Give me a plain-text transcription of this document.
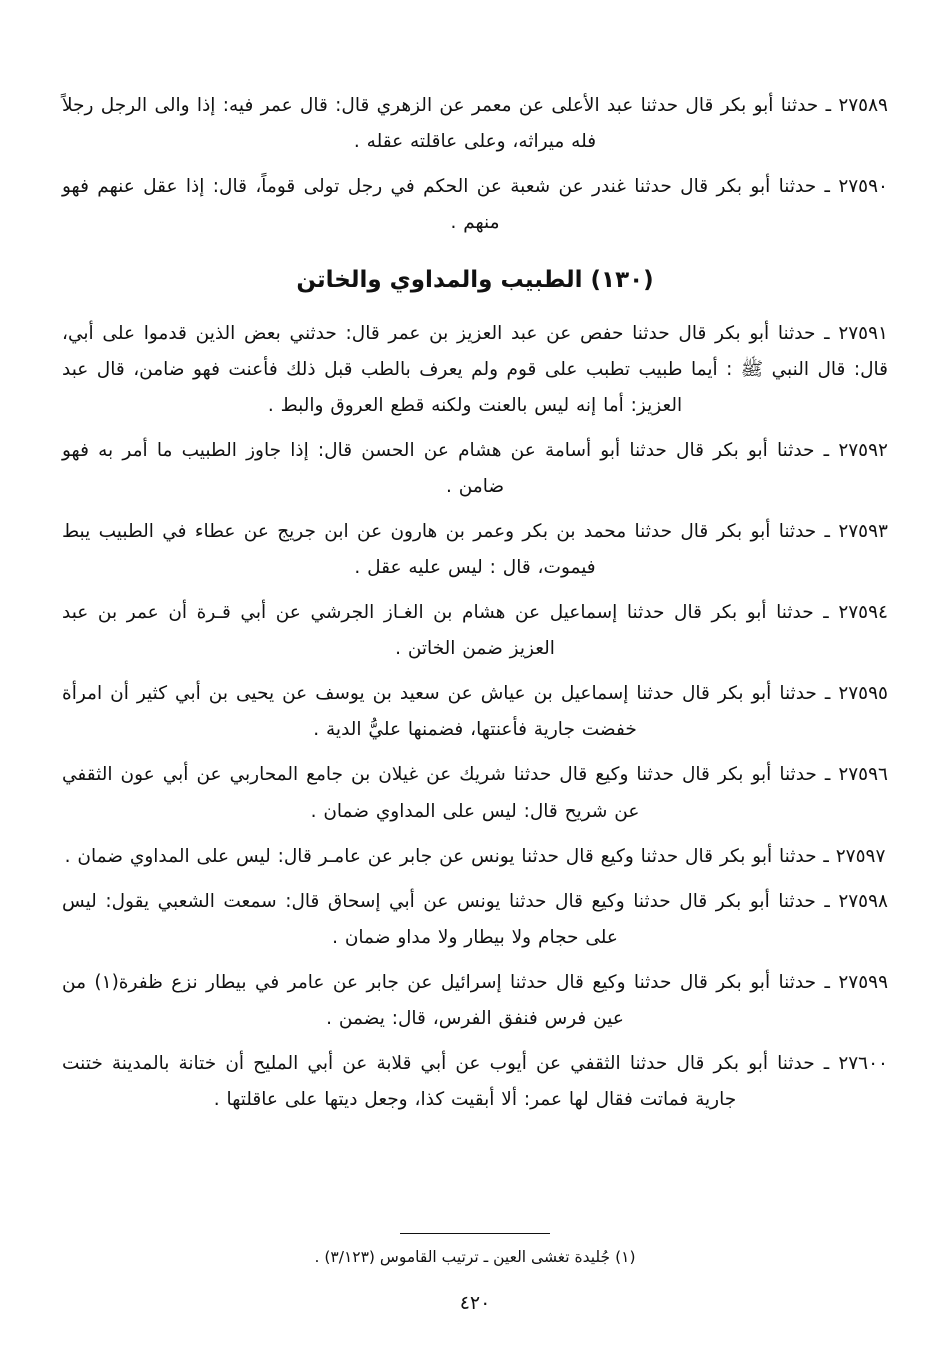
٢٧٥٨٩ ـ حدثنا أبو بكر قال حدثنا عبد الأعلى عن معمر عن الزهري قال: قال عمر فيه: إذا والى الرجل رجلاً فله ميراثه، وعلى عاقلته عقله .

٢٧٥٩٠ ـ حدثنا أبو بكر قال حدثنا غندر عن شعبة عن الحكم في رجل تولى قوماً، قال: إذا عقل عنهم فهو منهم .

(١٣٠) الطبيب والمداوي والخاتن

٢٧٥٩١ ـ حدثنا أبو بكر قال حدثنا حفص عن عبد العزيز بن عمر قال: حدثني بعض الذين قدموا على أبي، قال: قال النبي ﷺ : أيما طبيب تطبب على قوم ولم يعرف بالطب قبل ذلك فأعنت فهو ضامن، قال عبد العزيز: أما إنه ليس بالعنت ولكنه قطع العروق والبط .

٢٧٥٩٢ ـ حدثنا أبو بكر قال حدثنا أبو أسامة عن هشام عن الحسن قال: إذا جاوز الطبيب ما أمر به فهو ضامن .

٢٧٥٩٣ ـ حدثنا أبو بكر قال حدثنا محمد بن بكر وعمر بن هارون عن ابن جريج عن عطاء في الطبيب يبط فيموت، قال : ليس عليه عقل .

٢٧٥٩٤ ـ حدثنا أبو بكر قال حدثنا إسماعيل عن هشام بن الغـاز الجرشي عن أبي قـرة أن عمر بن عبد العزيز ضمن الخاتن .

٢٧٥٩٥ ـ حدثنا أبو بكر قال حدثنا إسماعيل بن عياش عن سعيد بن يوسف عن يحيى بن أبي كثير أن امرأة خفضت جارية فأعنتها، فضمنها عليُّ الدية .

٢٧٥٩٦ ـ حدثنا أبو بكر قال حدثنا وكيع قال حدثنا شريك عن غيلان بن جامع المحاربي عن أبي عون الثقفي عن شريح قال: ليس على المداوي ضمان .

٢٧٥٩٧ ـ حدثنا أبو بكر قال حدثنا وكيع قال حدثنا يونس عن جابر عن عامـر قال: ليس على المداوي ضمان .

٢٧٥٩٨ ـ حدثنا أبو بكر قال حدثنا وكيع قال حدثنا يونس عن أبي إسحاق قال: سمعت الشعبي يقول: ليس على حجام ولا بيطار ولا مداو ضمان .

٢٧٥٩٩ ـ حدثنا أبو بكر قال حدثنا وكيع قال حدثنا إسرائيل عن جابر عن عامر في بيطار نزع ظفرة(١) من عين فرس فنفق الفرس، قال: يضمن .

٢٧٦٠٠ ـ حدثنا أبو بكر قال حدثنا الثقفي عن أيوب عن أبي قلابة عن أبي المليح أن ختانة بالمدينة ختنت جارية فماتت فقال لها عمر: ألا أبقيت كذا، وجعل ديتها على عاقلتها .

(١) جُليدة تغشى العين ـ ترتيب القاموس (٣/١٢٣) .
٤٢٠
